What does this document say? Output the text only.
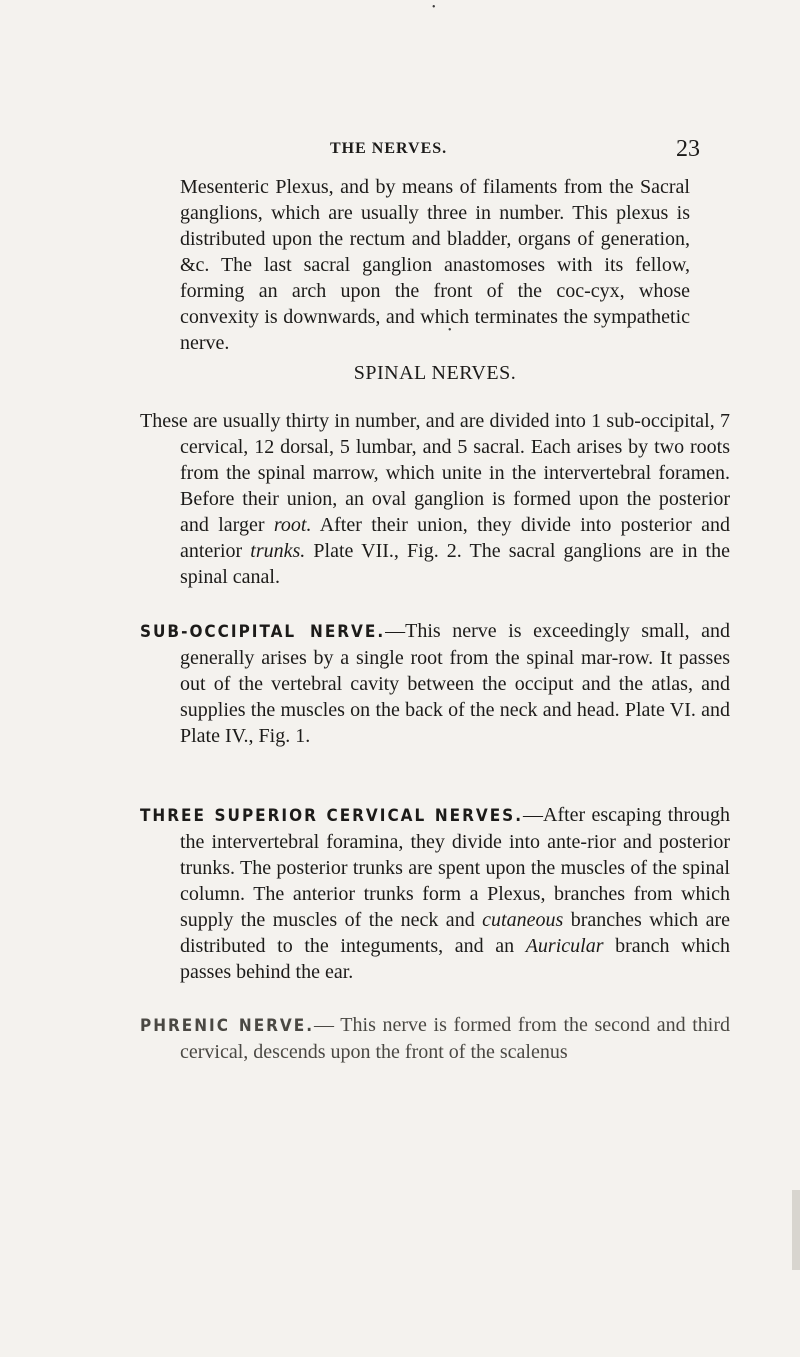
THE NERVES.	23

Mesenteric Plexus, and by means of filaments from the Sacral ganglions, which are usually three in number. This plexus is distributed upon the rectum and bladder, organs of generation, &c. The last sacral ganglion anastomoses with its fellow, forming an arch upon the front of the coc-cyx, whose convexity is downwards, and which terminates the sympathetic nerve.

SPINAL NERVES.

These are usually thirty in number, and are divided into 1 sub-occipital, 7 cervical, 12 dorsal, 5 lumbar, and 5 sacral. Each arises by two roots from the spinal marrow, which unite in the intervertebral foramen. Before their union, an oval ganglion is formed upon the posterior and larger root. After their union, they divide into posterior and anterior trunks. Plate VII., Fig. 2. The sacral ganglions are in the spinal canal.

SUB-OCCIPITAL NERVE.—This nerve is exceedingly small, and generally arises by a single root from the spinal mar-row. It passes out of the vertebral cavity between the occiput and the atlas, and supplies the muscles on the back of the neck and head. Plate VI. and Plate IV., Fig. 1.

THREE SUPERIOR CERVICAL NERVES.—After escaping through the intervertebral foramina, they divide into ante-rior and posterior trunks. The posterior trunks are spent upon the muscles of the spinal column. The anterior trunks form a Plexus, branches from which supply the muscles of the neck and cutaneous branches which are distributed to the integuments, and an Auricular branch which passes behind the ear.

PHRENIC NERVE.— This nerve is formed from the second and third cervical, descends upon the front of the scalenus

•
•
